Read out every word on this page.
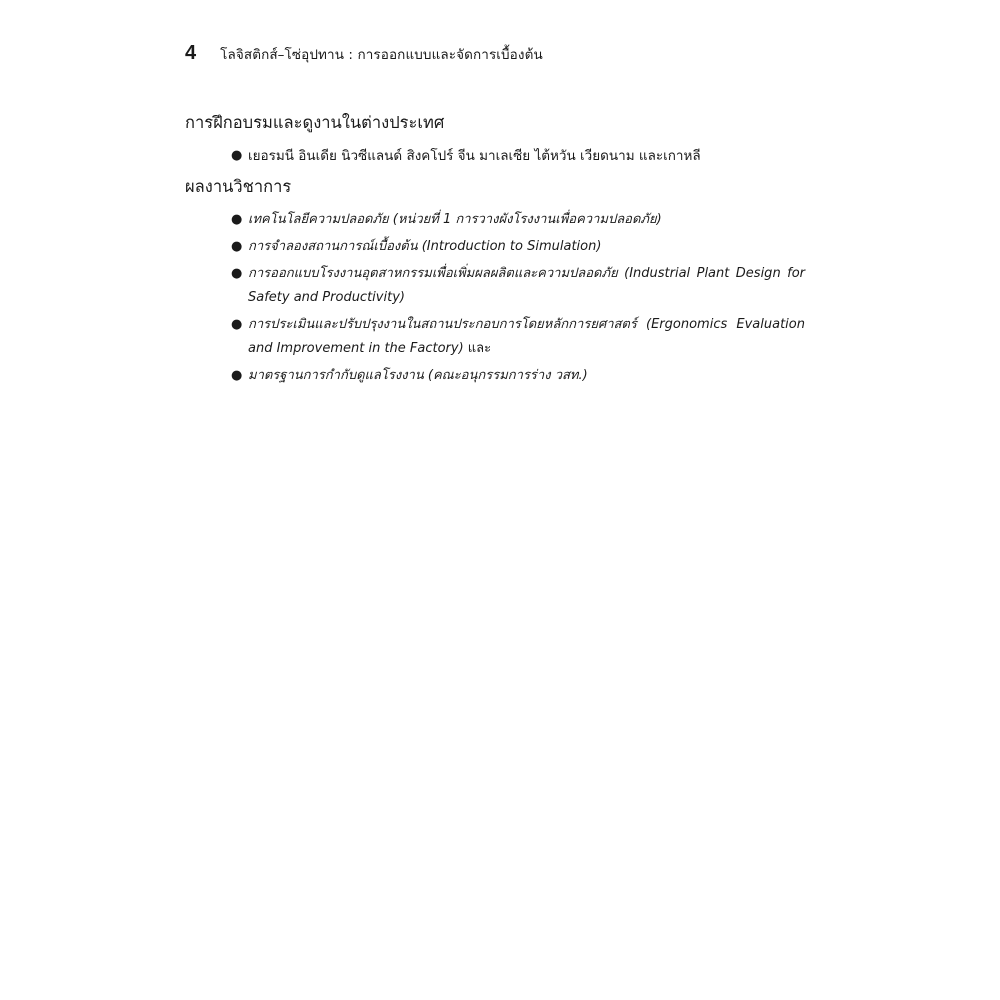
4 โลจิสติกส์–โซ่อุปทาน : การออกแบบและจัดการเบื้องต้น
การฝึกอบรมและดูงานในต่างประเทศ
● เยอรมนี อินเดีย นิวซีแลนด์ สิงคโปร์ จีน มาเลเซีย ไต้หวัน เวียดนาม และเกาหลี
ผลงานวิชาการ
● เทคโนโลยีความปลอดภัย (หน่วยที่ 1 การวางผังโรงงานเพื่อความปลอดภัย)
● การจำลองสถานการณ์เบื้องต้น (Introduction to Simulation)
● การออกแบบโรงงานอุตสาหกรรมเพื่อเพิ่มผลผลิตและความปลอดภัย (Industrial Plant Design for Safety and Productivity)
● การประเมินและปรับปรุงงานในสถานประกอบการโดยหลักการยศาสตร์ (Ergonomics Evaluation and Improvement in the Factory) และ
● มาตรฐานการกำกับดูแลโรงงาน (คณะอนุกรรมการร่าง วสท.)
